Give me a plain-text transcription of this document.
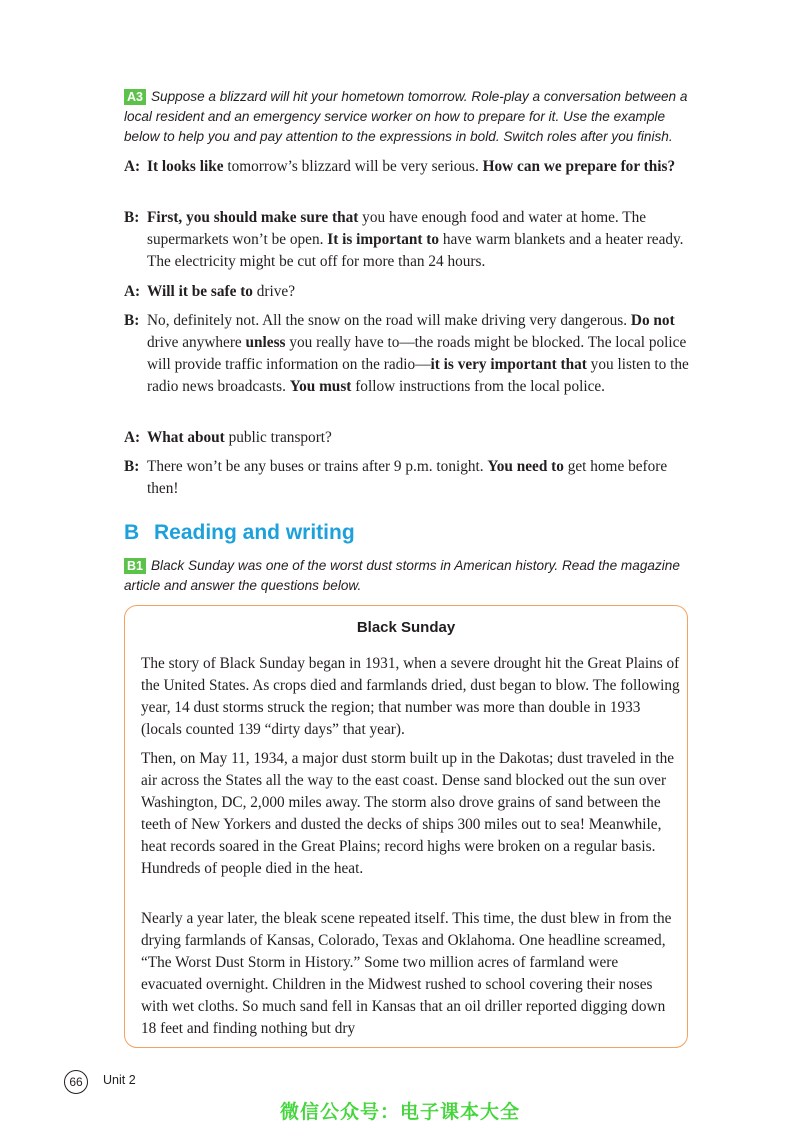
A3 Suppose a blizzard will hit your hometown tomorrow. Role-play a conversation between a local resident and an emergency service worker on how to prepare for it. Use the example below to help you and pay attention to the expressions in bold. Switch roles after you finish.
A: It looks like tomorrow’s blizzard will be very serious. How can we prepare for this?
B: First, you should make sure that you have enough food and water at home. The supermarkets won’t be open. It is important to have warm blankets and a heater ready. The electricity might be cut off for more than 24 hours.
A: Will it be safe to drive?
B: No, definitely not. All the snow on the road will make driving very dangerous. Do not drive anywhere unless you really have to—the roads might be blocked. The local police will provide traffic information on the radio—it is very important that you listen to the radio news broadcasts. You must follow instructions from the local police.
A: What about public transport?
B: There won’t be any buses or trains after 9 p.m. tonight. You need to get home before then!
B Reading and writing
B1 Black Sunday was one of the worst dust storms in American history. Read the magazine article and answer the questions below.
Black Sunday
The story of Black Sunday began in 1931, when a severe drought hit the Great Plains of the United States. As crops died and farmlands dried, dust began to blow. The following year, 14 dust storms struck the region; that number was more than double in 1933 (locals counted 139 “dirty days” that year).
Then, on May 11, 1934, a major dust storm built up in the Dakotas; dust traveled in the air across the States all the way to the east coast. Dense sand blocked out the sun over Washington, DC, 2,000 miles away. The storm also drove grains of sand between the teeth of New Yorkers and dusted the decks of ships 300 miles out to sea! Meanwhile, heat records soared in the Great Plains; record highs were broken on a regular basis. Hundreds of people died in the heat.
Nearly a year later, the bleak scene repeated itself. This time, the dust blew in from the drying farmlands of Kansas, Colorado, Texas and Oklahoma. One headline screamed, “The Worst Dust Storm in History.” Some two million acres of farmland were evacuated overnight. Children in the Midwest rushed to school covering their noses with wet cloths. So much sand fell in Kansas that an oil driller reported digging down 18 feet and finding nothing but dry
66	Unit 2
微信公众号：电子课本大全
